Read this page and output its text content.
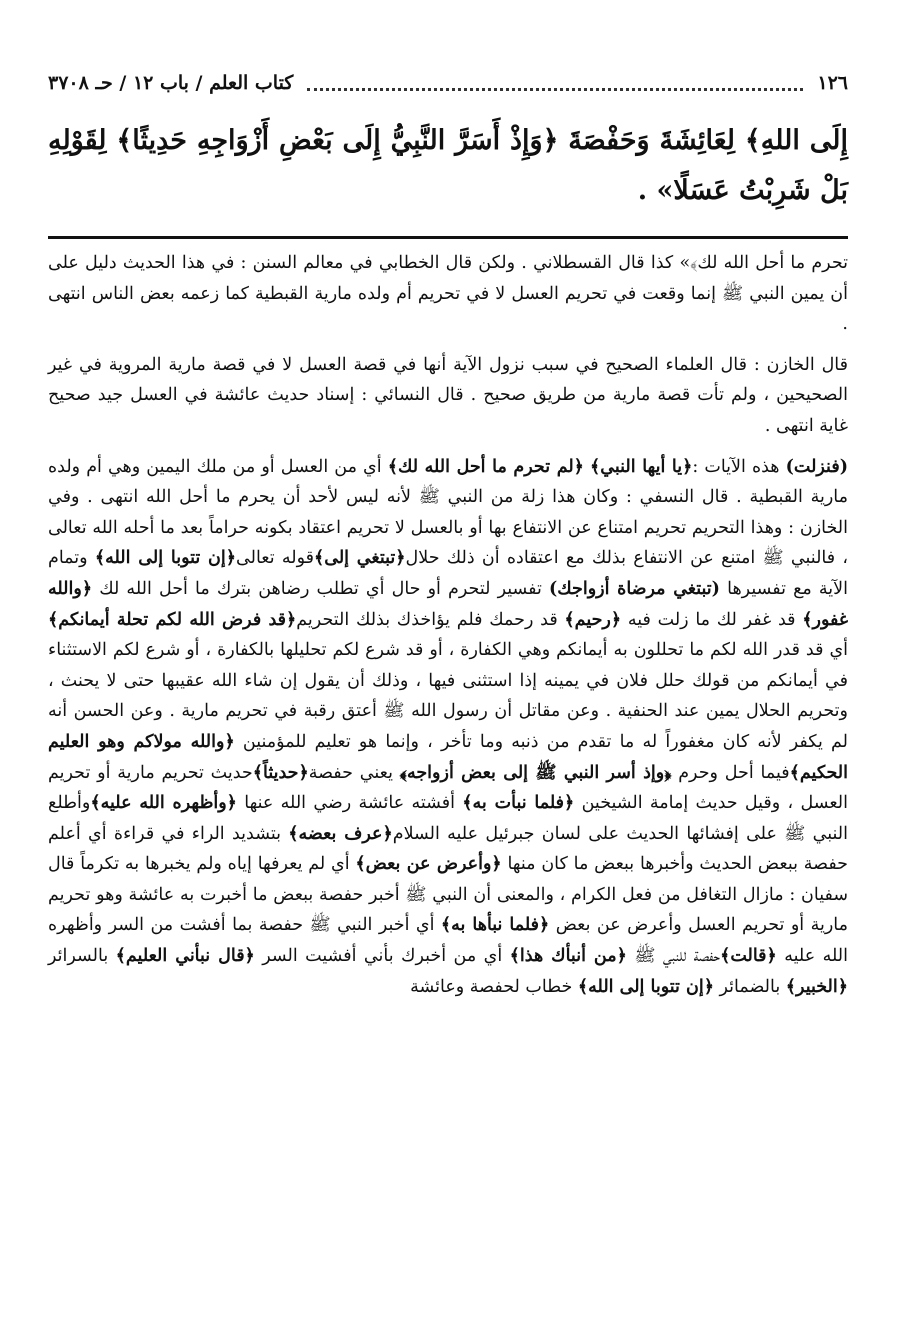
١٢٦
كتاب العلم / باب ١٢ / حـ ٣٧٠٨
إِلَى اللهِ﴾ لِعَائِشَةَ وَحَفْصَةَ ﴿وَإِذْ أَسَرَّ النَّبِيُّ إِلَى بَعْضِ أَزْوَاجِهِ حَدِيثًا﴾ لِقَوْلِهِ بَلْ شَرِبْتُ عَسَلًا» .

تحرم ما أحل الله لك﴾» كذا قال القسطلاني . ولكن قال الخطابي في معالم السنن : في هذا الحديث دليل على أن يمين النبي ﷺ إنما وقعت في تحريم العسل لا في تحريم أم ولده مارية القبطية كما زعمه بعض الناس انتهى .

قال الخازن : قال العلماء الصحيح في سبب نزول الآية أنها في قصة العسل لا في قصة مارية المروية في غير الصحيحين ، ولم تأت قصة مارية من طريق صحيح . قال النسائي : إسناد حديث عائشة في العسل جيد صحيح غاية انتهى .

(فنزلت) هذه الآيات :﴿يا أيها النبي﴾ ﴿لم تحرم ما أحل الله لك﴾ أي من العسل أو من ملك اليمين وهي أم ولده مارية القبطية . قال النسفي : وكان هذا زلة من النبي ﷺ لأنه ليس لأحد أن يحرم ما أحل الله انتهى . وفي الخازن : وهذا التحريم تحريم امتناع عن الانتفاع بها أو بالعسل لا تحريم اعتقاد بكونه حراماً بعد ما أحله الله تعالى ، فالنبي ﷺ امتنع عن الانتفاع بذلك مع اعتقاده أن ذلك حلال﴿تبتغي إلى﴾قوله تعالى﴿إن تتوبا إلى الله﴾ وتمام الآية مع تفسيرها (تبتغي مرضاة أزواجك) تفسير لتحرم أو حال أي تطلب رضاهن بترك ما أحل الله لك ﴿والله غفور﴾ قد غفر لك ما زلت فيه ﴿رحيم﴾ قد رحمك فلم يؤاخذك بذلك التحريم﴿قد فرض الله لكم تحلة أيمانكم﴾ أي قد قدر الله لكم ما تحللون به أيمانكم وهي الكفارة ، أو قد شرع لكم تحليلها بالكفارة ، أو شرع لكم الاستثناء في أيمانكم من قولك حلل فلان في يمينه إذا استثنى فيها ، وذلك أن يقول إن شاء الله عقيبها حتى لا يحنث ، وتحريم الحلال يمين عند الحنفية . وعن مقاتل أن رسول الله ﷺ أعتق رقبة في تحريم مارية . وعن الحسن أنه لم يكفر لأنه كان مغفوراً له ما تقدم من ذنبه وما تأخر ، وإنما هو تعليم للمؤمنين ﴿والله مولاكم وهو العليم الحكيم﴾فيما أحل وحرم ﴿وإذ أسر النبي ﷺ إلى بعض أزواجه﴾ يعني حفصة﴿حديثاً﴾حديث تحريم مارية أو تحريم العسل ، وقيل حديث إمامة الشيخين ﴿فلما نبأت به﴾ أفشته عائشة رضي الله عنها ﴿وأظهره الله عليه﴾وأطلع النبي ﷺ على إفشائها الحديث على لسان جبرئيل عليه السلام﴿عرف بعضه﴾ بتشديد الراء في قراءة أي أعلم حفصة ببعض الحديث وأخبرها ببعض ما كان منها ﴿وأعرض عن بعض﴾ أي لم يعرفها إياه ولم يخبرها به تكرماً قال سفيان : مازال التغافل من فعل الكرام ، والمعنى أن النبي ﷺ أخبر حفصة ببعض ما أخبرت به عائشة وهو تحريم مارية أو تحريم العسل وأعرض عن بعض ﴿فلما نبأها به﴾ أي أخبر النبي ﷺ حفصة بما أفشت من السر وأظهره الله عليه ﴿قالت﴾حفصة للنبي ﷺ ﴿من أنبأك هذا﴾ أي من أخبرك بأني أفشيت السر ﴿قال نبأني العليم﴾ بالسرائر ﴿الخبير﴾ بالضمائر ﴿إن تتوبا إلى الله﴾ خطاب لحفصة وعائشة
